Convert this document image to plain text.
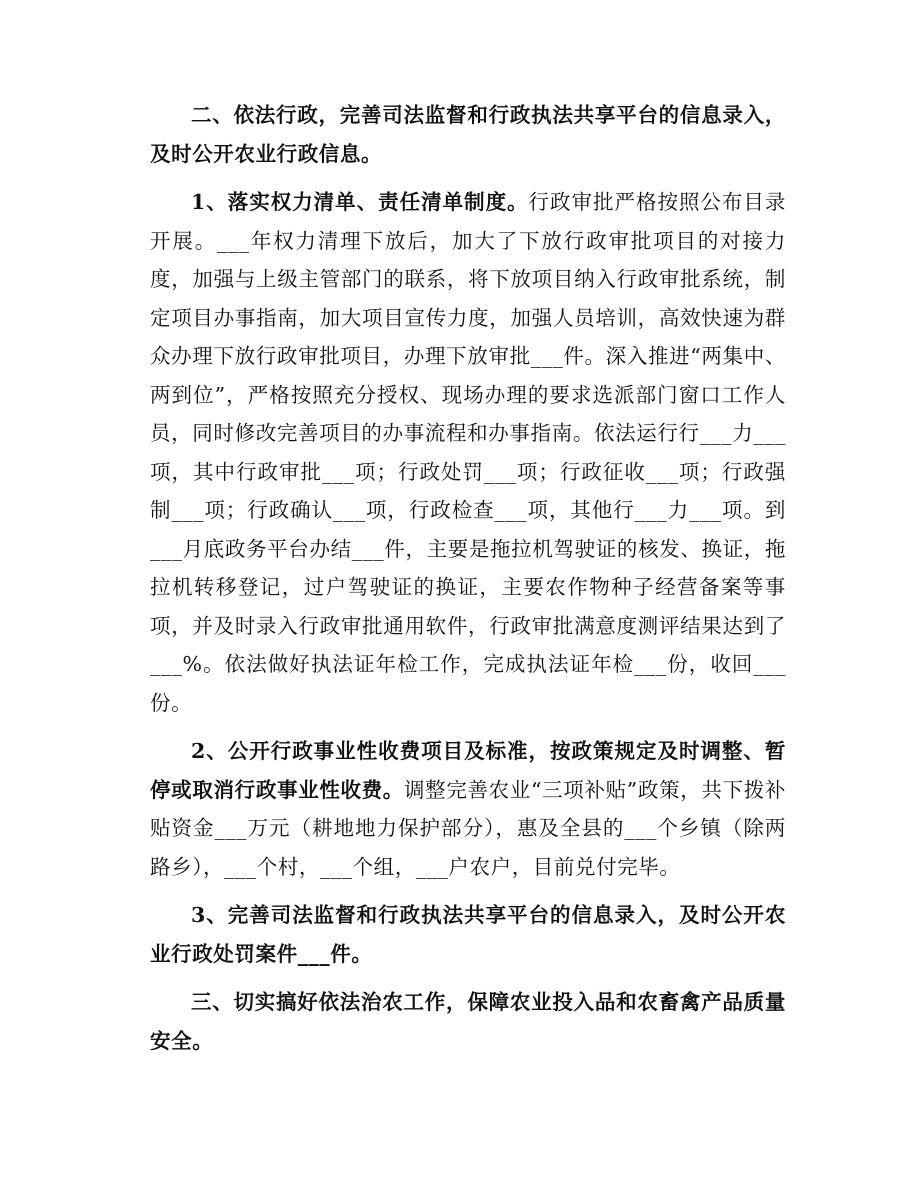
二、依法行政，完善司法监督和行政执法共享平台的信息录入，及时公开农业行政信息。

1、落实权力清单、责任清单制度。行政审批严格按照公布目录开展。___年权力清理下放后，加大了下放行政审批项目的对接力度，加强与上级主管部门的联系，将下放项目纳入行政审批系统，制定项目办事指南，加大项目宣传力度，加强人员培训，高效快速为群众办理下放行政审批项目，办理下放审批___件。深入推进“两集中、两到位”，严格按照充分授权、现场办理的要求选派部门窗口工作人员，同时修改完善项目的办事流程和办事指南。依法运行行___力___项，其中行政审批___项；行政处罚___项；行政征收___项；行政强制___项；行政确认___项，行政检查___项，其他行___力___项。到___月底政务平台办结___件，主要是拖拉机驾驶证的核发、换证，拖拉机转移登记，过户驾驶证的换证，主要农作物种子经营备案等事项，并及时录入行政审批通用软件，行政审批满意度测评结果达到了___%。依法做好执法证年检工作，完成执法证年检___份，收回___份。

2、公开行政事业性收费项目及标准，按政策规定及时调整、暂停或取消行政事业性收费。调整完善农业“三项补贴”政策，共下拨补贴资金___万元（耕地地力保护部分），惠及全县的___个乡镇（除两路乡），___个村，___个组，___户农户，目前兑付完毕。

3、完善司法监督和行政执法共享平台的信息录入，及时公开农业行政处罚案件___件。

三、切实搞好依法治农工作，保障农业投入品和农畜禽产品质量安全。
